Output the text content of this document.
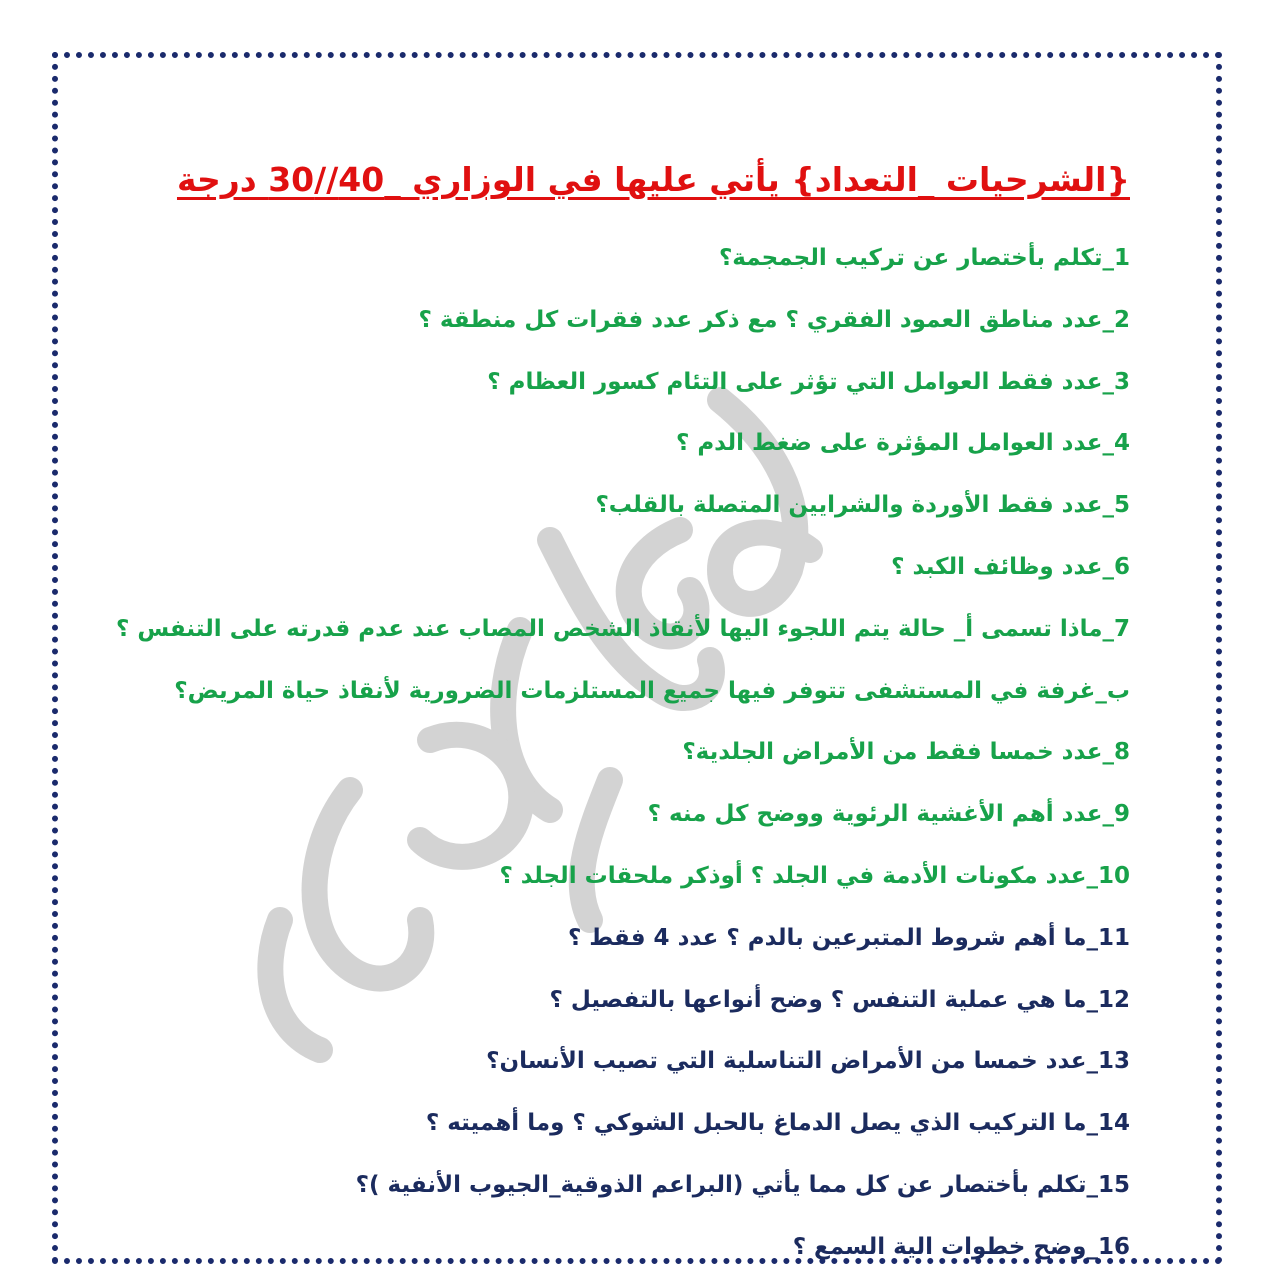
{الشرحيات _التعداد} يأتي عليها في الوزاري _40//30 درجة
1_تكلم بأختصار عن تركيب الجمجمة؟
2_عدد مناطق العمود الفقري ؟ مع ذكر عدد فقرات كل منطقة ؟
3_عدد فقط العوامل التي تؤثر على التئام كسور العظام ؟
4_عدد العوامل المؤثرة على ضغط الدم ؟
5_عدد فقط الأوردة والشرايين المتصلة بالقلب؟
6_عدد وظائف الكبد ؟
7_ماذا تسمى أ_ حالة يتم اللجوء اليها لأنقاذ الشخص المصاب عند عدم قدرته على التنفس ؟
ب_غرفة في المستشفى تتوفر فيها جميع المستلزمات الضرورية لأنقاذ حياة المريض؟
8_عدد خمسا فقط من الأمراض الجلدية؟
9_عدد أهم الأغشية الرئوية ووضح كل منه ؟
10_عدد مكونات الأدمة في الجلد ؟ أوذكر ملحقات الجلد ؟
11_ما أهم شروط المتبرعين بالدم ؟ عدد 4 فقط ؟
12_ما هي عملية التنفس ؟ وضح أنواعها بالتفصيل ؟
13_عدد خمسا من الأمراض التناسلية التي تصيب الأنسان؟
14_ما التركيب الذي يصل الدماغ بالحبل الشوكي ؟ وما أهميته ؟
15_تكلم بأختصار عن كل مما يأتي (البراعم الذوقية_الجيوب الأنفية )؟
16_وضح خطوات الية السمع ؟
